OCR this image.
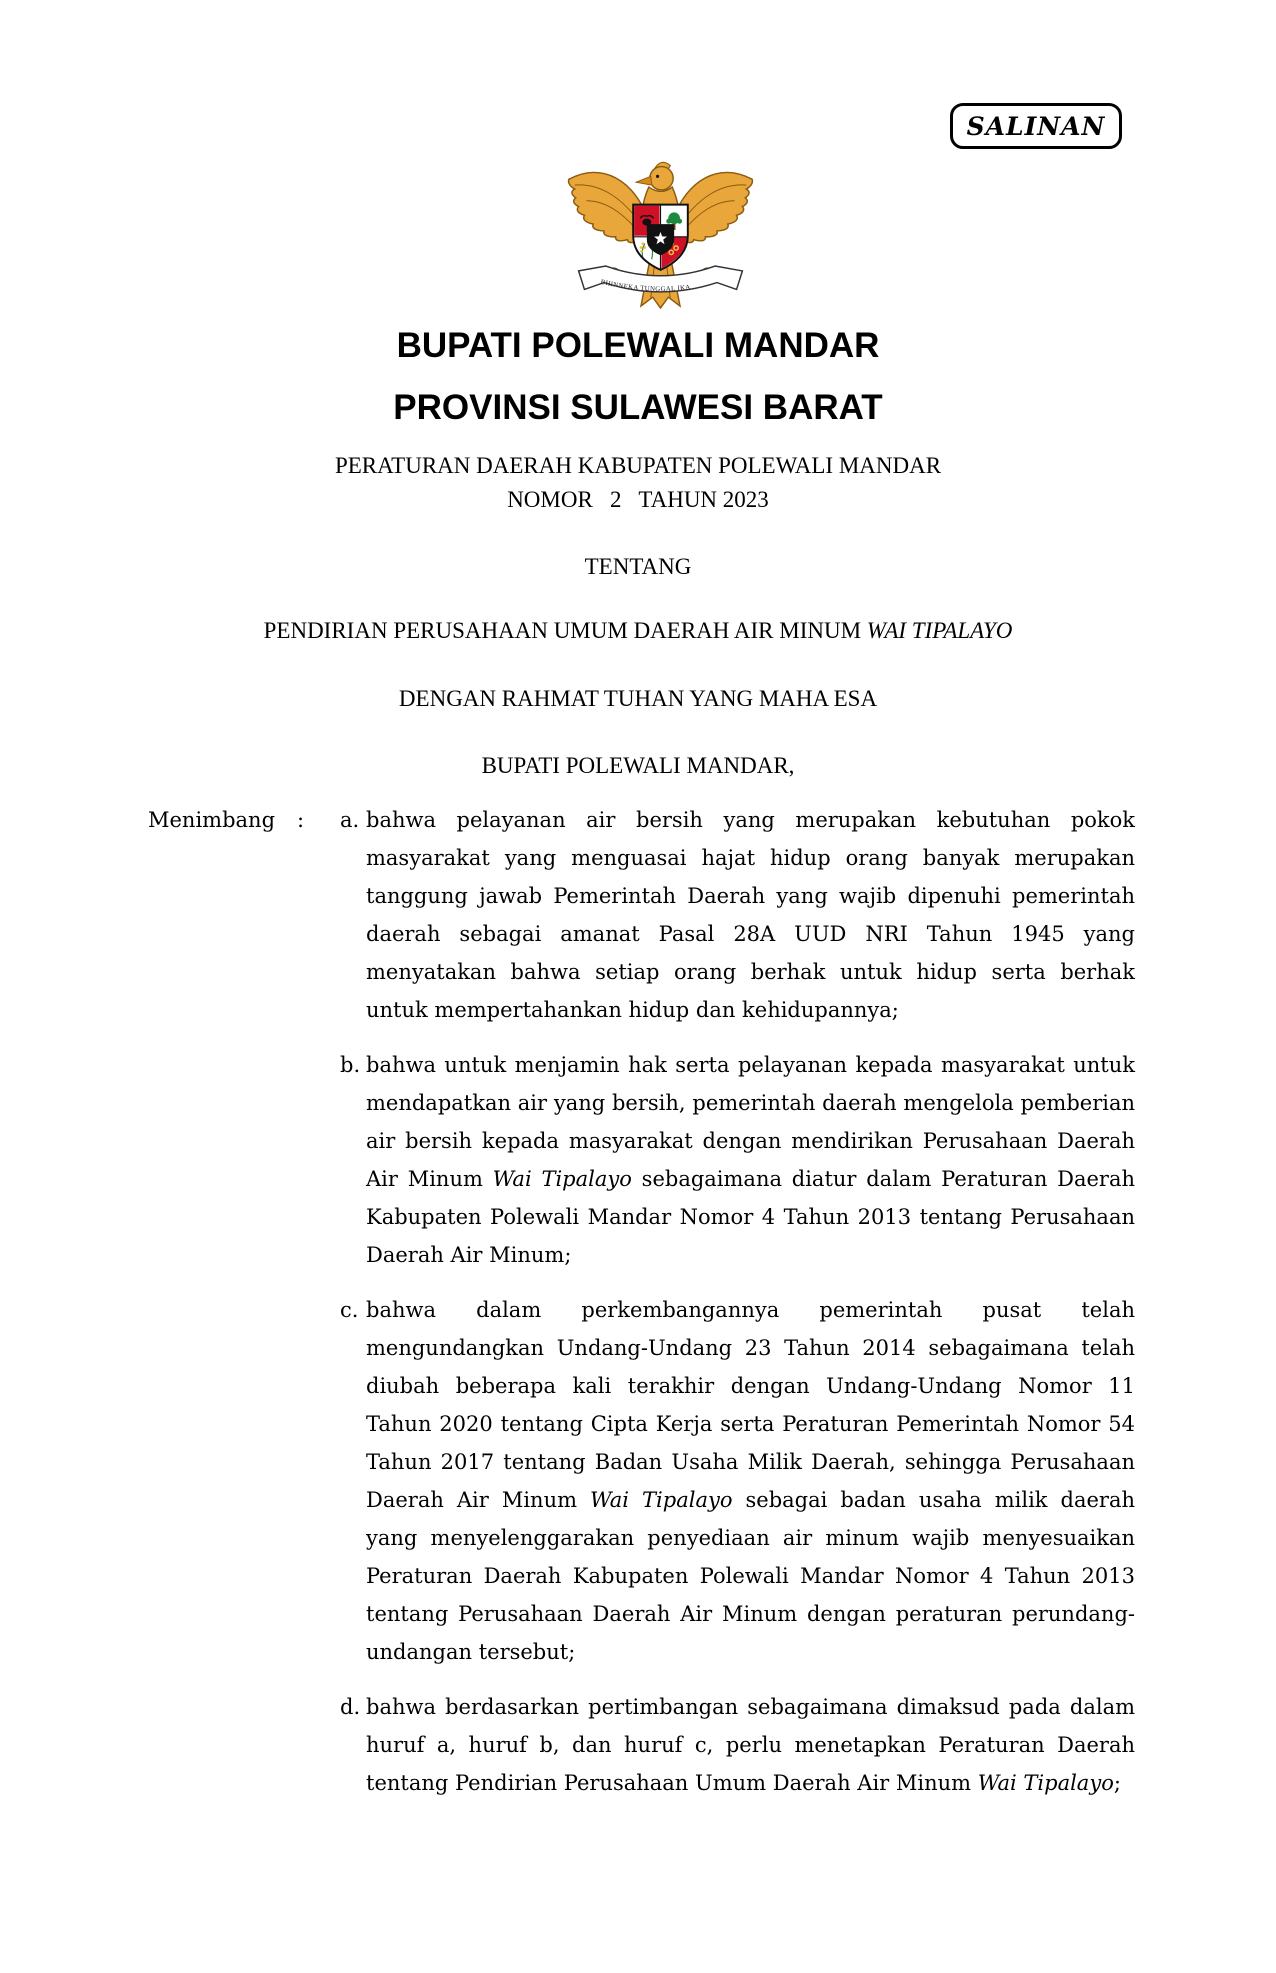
SALINAN
BHINNEKA TUNGGAL IKA
BUPATI POLEWALI MANDAR
PROVINSI SULAWESI BARAT
PERATURAN DAERAH KABUPATEN POLEWALI MANDAR
NOMOR   2   TAHUN 2023
TENTANG
PENDIRIAN PERUSAHAAN UMUM DAERAH AIR MINUM WAI TIPALAYO
DENGAN RAHMAT TUHAN YANG MAHA ESA
BUPATI POLEWALI MANDAR,
Menimbang	:	a. bahwa pelayanan air bersih yang merupakan kebutuhan pokok masyarakat yang menguasai hajat hidup orang banyak merupakan tanggung jawab Pemerintah Daerah yang wajib dipenuhi pemerintah daerah sebagai amanat Pasal 28A UUD NRI Tahun 1945 yang menyatakan bahwa setiap orang berhak untuk hidup serta berhak untuk mempertahankan hidup dan kehidupannya;
b. bahwa untuk menjamin hak serta pelayanan kepada masyarakat untuk mendapatkan air yang bersih, pemerintah daerah mengelola pemberian air bersih kepada masyarakat dengan mendirikan Perusahaan Daerah Air Minum Wai Tipalayo sebagaimana diatur dalam Peraturan Daerah Kabupaten Polewali Mandar Nomor 4 Tahun 2013 tentang Perusahaan Daerah Air Minum;
c. bahwa dalam perkembangannya pemerintah pusat telah mengundangkan Undang-Undang 23 Tahun 2014 sebagaimana telah diubah beberapa kali terakhir dengan Undang-Undang Nomor 11 Tahun 2020 tentang Cipta Kerja serta Peraturan Pemerintah Nomor 54 Tahun 2017 tentang Badan Usaha Milik Daerah, sehingga Perusahaan Daerah Air Minum Wai Tipalayo sebagai badan usaha milik daerah yang menyelenggarakan penyediaan air minum wajib menyesuaikan Peraturan Daerah Kabupaten Polewali Mandar Nomor 4 Tahun 2013 tentang Perusahaan Daerah Air Minum dengan peraturan perundang-undangan tersebut;
d. bahwa berdasarkan pertimbangan sebagaimana dimaksud pada dalam huruf a, huruf b, dan huruf c, perlu menetapkan Peraturan Daerah tentang Pendirian Perusahaan Umum Daerah Air Minum Wai Tipalayo;
